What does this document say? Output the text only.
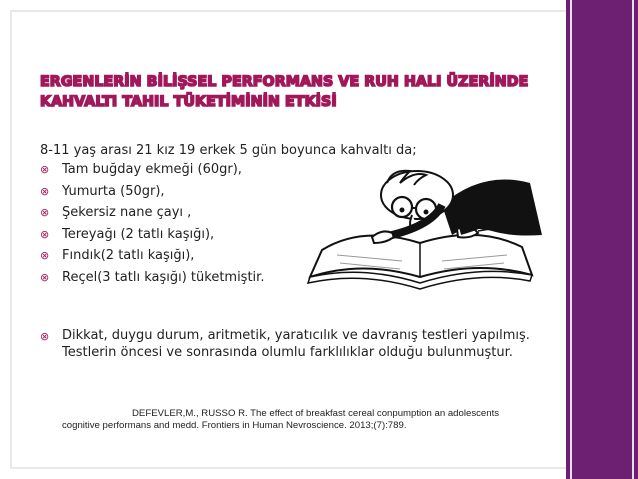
ERGENLERİN BİLİŞSEL PERFORMANS VE RUH HALI ÜZERİNDE
KAHVALTI TAHIL TÜKETİMİNİN ETKİSİ
8-11 yaş arası 21 kız 19 erkek 5 gün boyunca kahvaltı da;
⊗ Tam buğday ekmeği (60gr),
⊗ Yumurta (50gr),
⊗ Şekersiz nane çayı ,
⊗ Tereyağı (2 tatlı kaşığı),
⊗ Fındık(2 tatlı kaşığı),
⊗ Reçel(3 tatlı kaşığı) tüketmiştir.
⊗ Dikkat, duygu durum, aritmetik, yaratıcılık ve davranış testleri yapılmış. Testlerin öncesi ve sonrasında olumlu farklılıklar olduğu bulunmuştur.
DEFEVLER,M., RUSSO R. The effect of breakfast cereal conpumption an adolescents
cognitive performans and medd. Frontiers in Human Nevroscience. 2013;(7):789.
